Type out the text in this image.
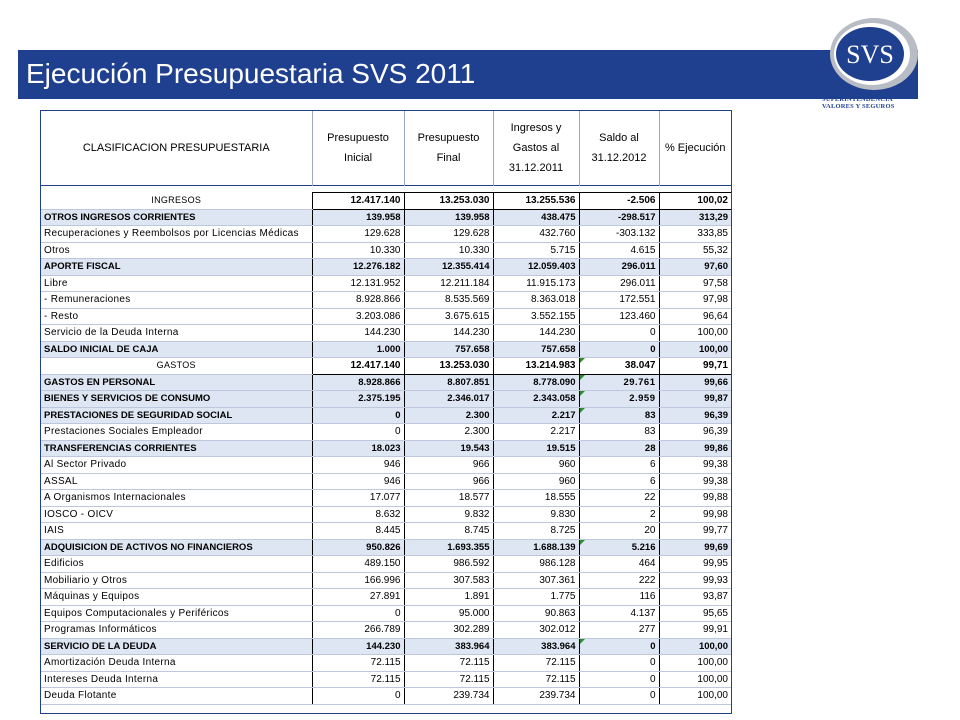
Ejecución Presupuestaria SVS 2011
SVS
SUPERINTENDENCIA
VALORES Y SEGUROS
CLASIFICACION PRESUPUESTARIA	Presupuesto Inicial	Presupuesto Final	Ingresos y Gastos al 31.12.2011	Saldo al 31.12.2012	% Ejecución

INGRESOS	12.417.140	13.253.030	13.255.536	-2.506	100,02
OTROS INGRESOS CORRIENTES	139.958	139.958	438.475	-298.517	313,29
Recuperaciones y Reembolsos por Licencias Médicas	129.628	129.628	432.760	-303.132	333,85
Otros	10.330	10.330	5.715	4.615	55,32
APORTE FISCAL	12.276.182	12.355.414	12.059.403	296.011	97,60
Libre	12.131.952	12.211.184	11.915.173	296.011	97,58
- Remuneraciones	8.928.866	8.535.569	8.363.018	172.551	97,98
- Resto	3.203.086	3.675.615	3.552.155	123.460	96,64
Servicio de la Deuda Interna	144.230	144.230	144.230	0	100,00
SALDO INICIAL DE CAJA	1.000	757.658	757.658	0	100,00
GASTOS	12.417.140	13.253.030	13.214.983	38.047	99,71
GASTOS EN PERSONAL	8.928.866	8.807.851	8.778.090	29.761	99,66
BIENES Y SERVICIOS DE CONSUMO	2.375.195	2.346.017	2.343.058	2.959	99,87
PRESTACIONES DE SEGURIDAD SOCIAL	0	2.300	2.217	83	96,39
Prestaciones Sociales Empleador	0	2.300	2.217	83	96,39
TRANSFERENCIAS CORRIENTES	18.023	19.543	19.515	28	99,86
Al Sector Privado	946	966	960	6	99,38
ASSAL	946	966	960	6	99,38
A Organismos Internacionales	17.077	18.577	18.555	22	99,88
IOSCO - OICV	8.632	9.832	9.830	2	99,98
IAIS	8.445	8.745	8.725	20	99,77
ADQUISICION DE ACTIVOS NO FINANCIEROS	950.826	1.693.355	1.688.139	5.216	99,69
Edificios	489.150	986.592	986.128	464	99,95
Mobiliario y Otros	166.996	307.583	307.361	222	99,93
Máquinas y Equipos	27.891	1.891	1.775	116	93,87
Equipos Computacionales y Periféricos	0	95.000	90.863	4.137	95,65
Programas Informáticos	266.789	302.289	302.012	277	99,91
SERVICIO DE LA DEUDA	144.230	383.964	383.964	0	100,00
Amortización Deuda Interna	72.115	72.115	72.115	0	100,00
Intereses Deuda Interna	72.115	72.115	72.115	0	100,00
Deuda Flotante	0	239.734	239.734	0	100,00
